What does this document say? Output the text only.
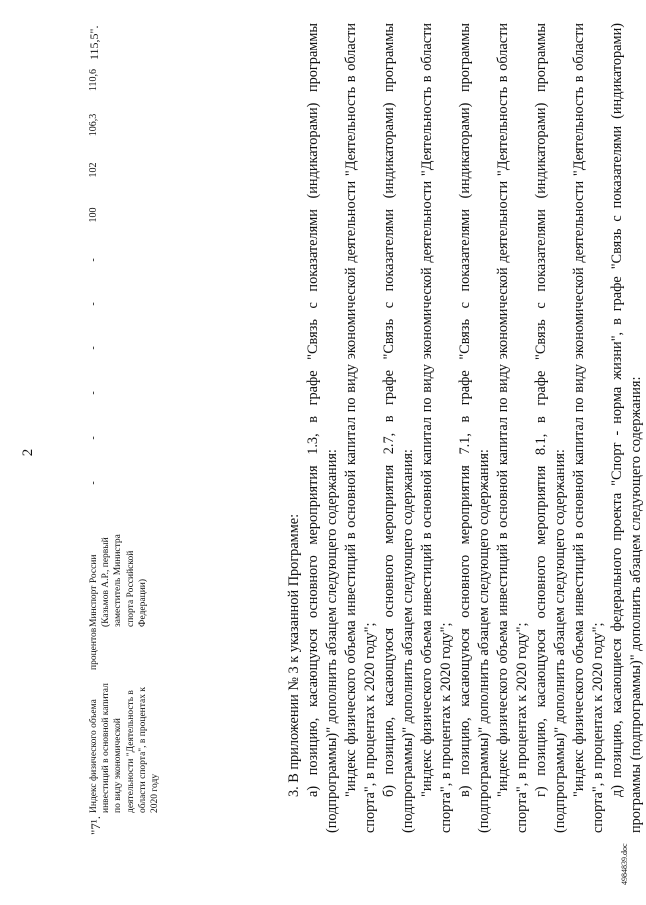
2
"7¹.
Индекс физического объема инвестиций в основной капитал по виду экономической деятельности "Деятельность в области спорта", в процентах к 2020 году
процентов
Минспорт России (Казьмов А.Р., первый заместитель Министра спорта Российской Федерации)
-
-
-
-
-
-
100
102
106,3
110,6
115,5".

3. В приложении № 3 к указанной Программе: а) позицию, касающуюся основного мероприятия 1.3, в графе "Связь с показателями (индикаторами) программы (подпрограммы)" дополнить абзацем следующего содержания: "индекс физического объема инвестиций в основной капитал по виду экономической деятельности "Деятельность в области спорта", в процентах к 2020 году"; б) позицию, касающуюся основного мероприятия 2.7, в графе "Связь с показателями (индикаторами) программы (подпрограммы)" дополнить абзацем следующего содержания: "индекс физического объема инвестиций в основной капитал по виду экономической деятельности "Деятельность в области спорта", в процентах к 2020 году"; в) позицию, касающуюся основного мероприятия 7.1, в графе "Связь с показателями (индикаторами) программы (подпрограммы)" дополнить абзацем следующего содержания: "индекс физического объема инвестиций в основной капитал по виду экономической деятельности "Деятельность в области спорта", в процентах к 2020 году"; г) позицию, касающуюся основного мероприятия 8.1, в графе "Связь с показателями (индикаторами) программы (подпрограммы)" дополнить абзацем следующего содержания: "индекс физического объема инвестиций в основной капитал по виду экономической деятельности "Деятельность в области спорта", в процентах к 2020 году"; д) позицию, касающиеся федерального проекта "Спорт - норма жизни", в графе "Связь с показателями (индикаторами) программы (подпрограммы)" дополнить абзацем следующего содержания:

4984839.doc
